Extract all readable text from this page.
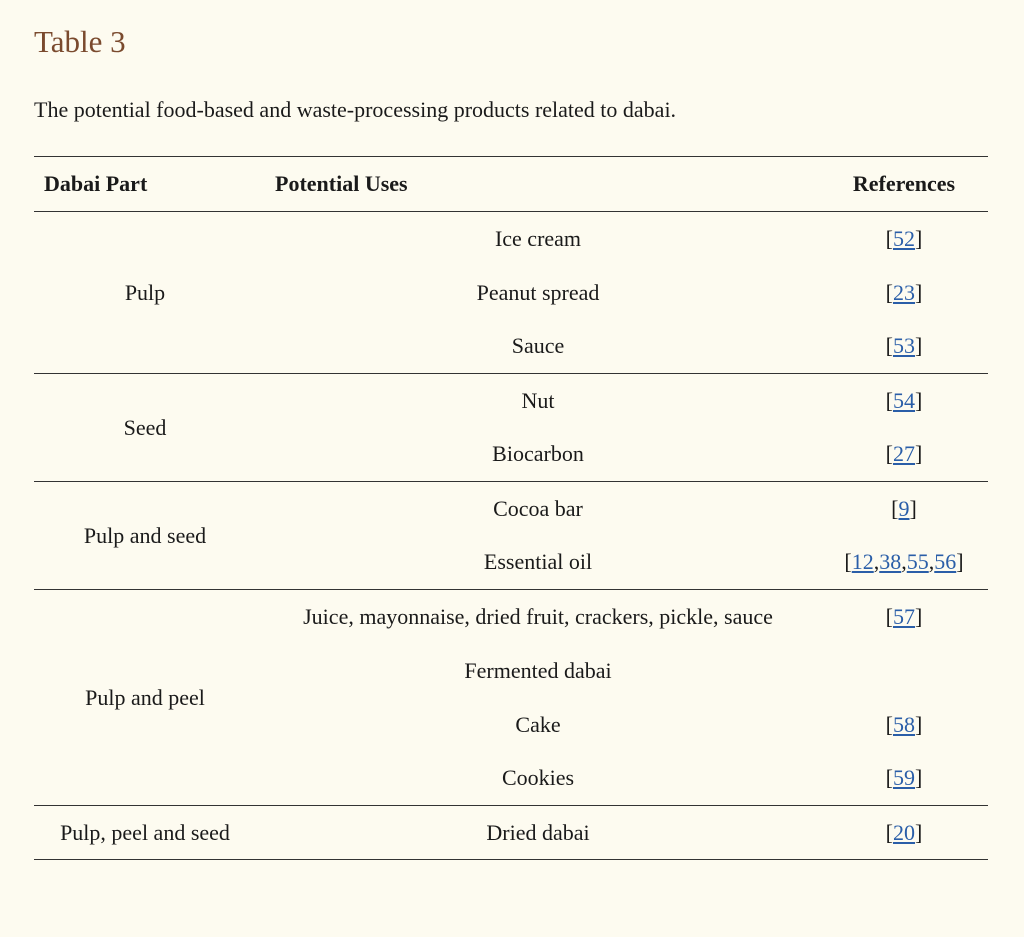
Table 3
The potential food-based and waste-processing products related to dabai.
Dabai Part	Potential Uses	References
Pulp	Ice cream	[52]
	Peanut spread	[23]
	Sauce	[53]
Seed	Nut	[54]
	Biocarbon	[27]
Pulp and seed	Cocoa bar	[9]
	Essential oil	[12,38,55,56]
Pulp and peel	Juice, mayonnaise, dried fruit, crackers, pickle, sauce	[57]
	Fermented dabai	
	Cake	[58]
	Cookies	[59]
Pulp, peel and seed	Dried dabai	[20]
